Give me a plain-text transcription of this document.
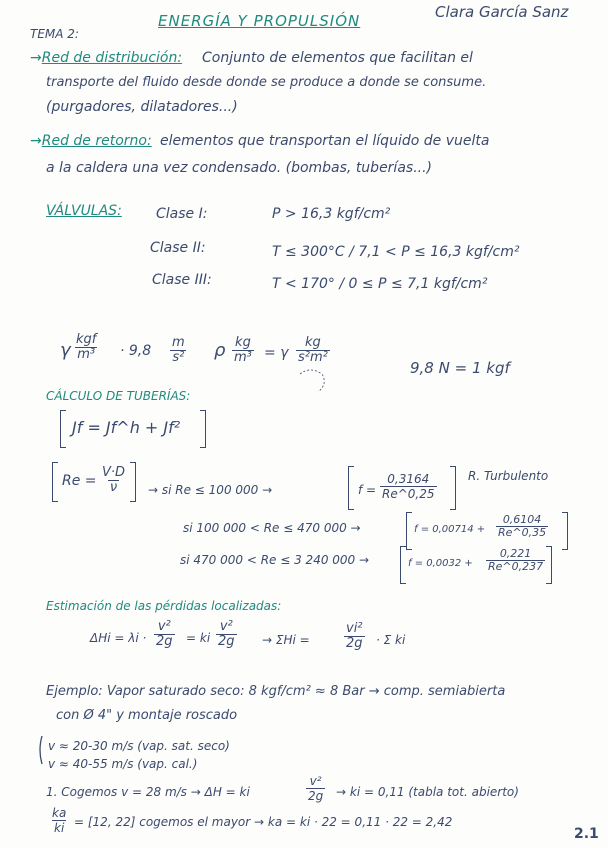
TEMA 2:
ENERGÍA Y PROPULSIÓN	Clara García Sanz
→Red de distribución: Conjunto de elementos que facilitan el
transporte del fluido desde donde se produce a donde se consume.
(purgadores, dilatadores...)
→Red de retorno: elementos que transportan el líquido de vuelta
a la caldera una vez condensado. (bombas, tuberías...)
VÁLVULAS: Clase I:	P > 16,3 kgf/cm²
Clase II:	T ≤ 300°C / 7,1 < P ≤ 16,3 kgf/cm²
Clase III:	T < 170° / 0 ≤ P ≤ 7,1 kgf/cm²
γ
kgf
$m^3 \cdot 9,8 \frac{m}{\text{s²}}$ ρ $\frac{kg}{\text{m³}} = \gamma \frac{kg}{\text{s²m²}}$
9,8 N = 1 kgf
CÁLCULO DE TUBERÍAS:
Jf = Jf^h + Jf²
$Re = \frac{V\cdot D}{\nu}$ → si Re ≤ 100 000 →	$f = \frac{0,3164}{Re\^{}0,25}$	R. Turbulento
si 100 000 < Re ≤ 470 000 →	$f = 0,00714 + \frac{0,6104}{Re\^{}0,35}$
si 470 000 < Re ≤ 3 240 000 →	$f = 0,0032 + \frac{0,221}{Re\^{}0,237}$
Estimación de las pérdidas localizadas:
$\Delta Hi = \lambda i \cdot \frac{\text{v²}}{2g}$ = ki $\frac{\text{v²}}{2g} \to \Sigma Hi$ =	$\frac{\text{vi²}}{2g} \cdot \Sigma$ ki
Ejemplo: Vapor saturado seco: 8 kgf/cm² ≈ 8 Bar → comp. semiabierta
con Ø 4" y montaje roscado
v ≈ 20-30 m/s (vap. sat. seco)
v ≈ 40-55 m/s (vap. cal.)
1. Cogemos v = 28 m/s → ΔH = ki	$\frac{\text{v²}}{2g}$ → ki = 0,11 (tabla tot. abierto)
$\frac{ka}{ki} = [12$, 22] cogemos el mayor → ka = ki · 22 = 0,11 · 22 = 2,42
2.1
